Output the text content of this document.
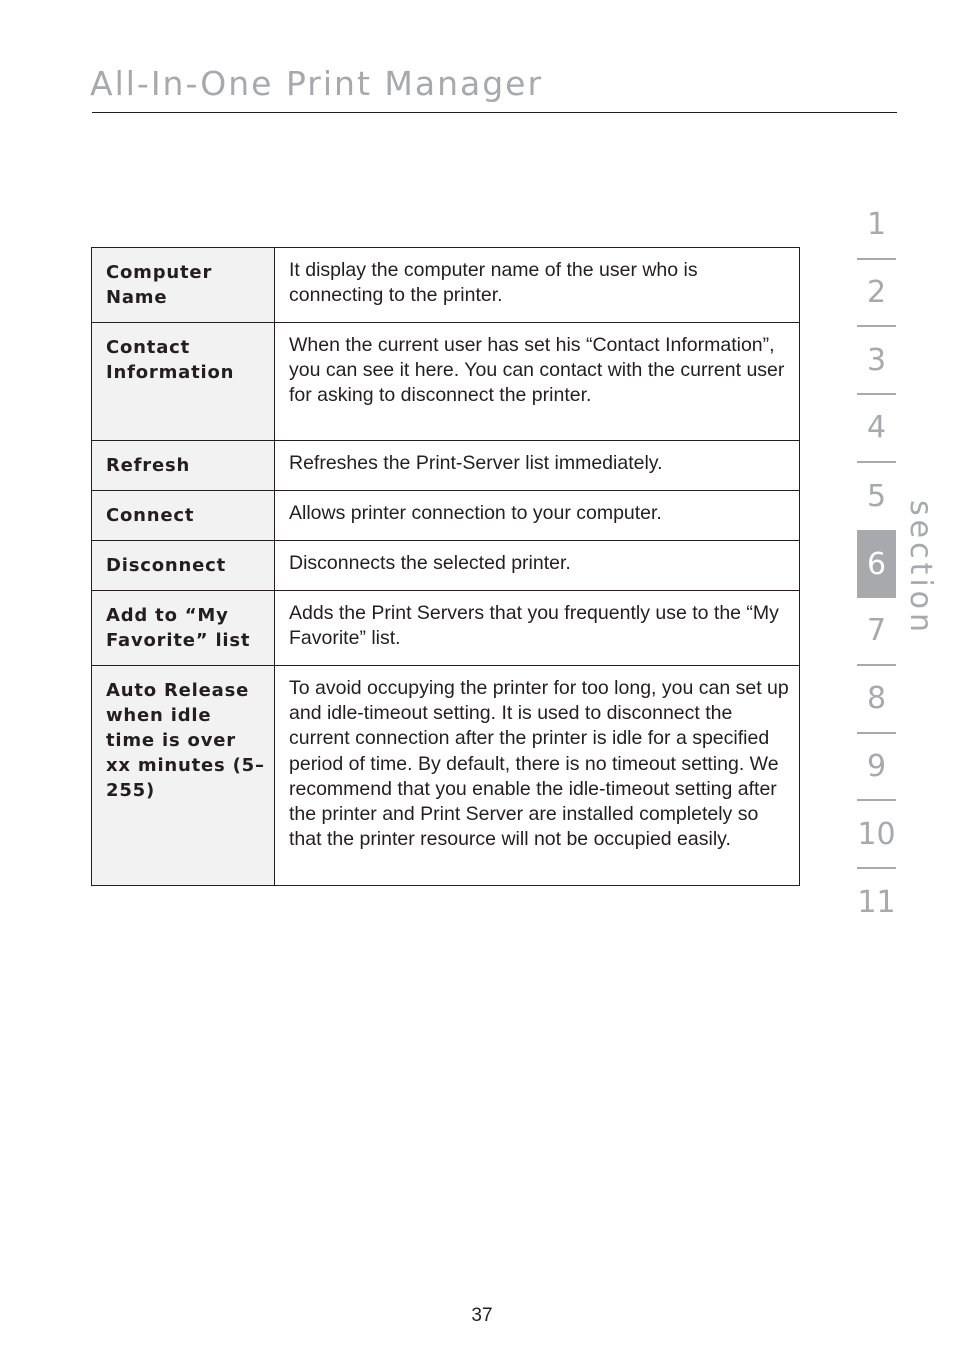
All-In-One Print Manager
Computer Name	It display the computer name of the user who is connecting to the printer.
Contact Information	When the current user has set his “Contact Information”, you can see it here. You can contact with the current user for asking to disconnect the printer.
Refresh	Refreshes the Print-Server list immediately.
Connect	Allows printer connection to your computer.
Disconnect	Disconnects the selected printer.
Add to “My Favorite” list	Adds the Print Servers that you frequently use to the “My Favorite” list.
Auto Release when idle time is over xx minutes (5–255)	To avoid occupying the printer for too long, you can set up and idle-timeout setting. It is used to disconnect the current connection after the printer is idle for a specified period of time. By default, there is no timeout setting. We recommend that you enable the idle-timeout setting after the printer and Print Server are installed completely so that the printer resource will not be occupied easily.
1
2
3
4
5
6
7
8
9
10
11
section
37
